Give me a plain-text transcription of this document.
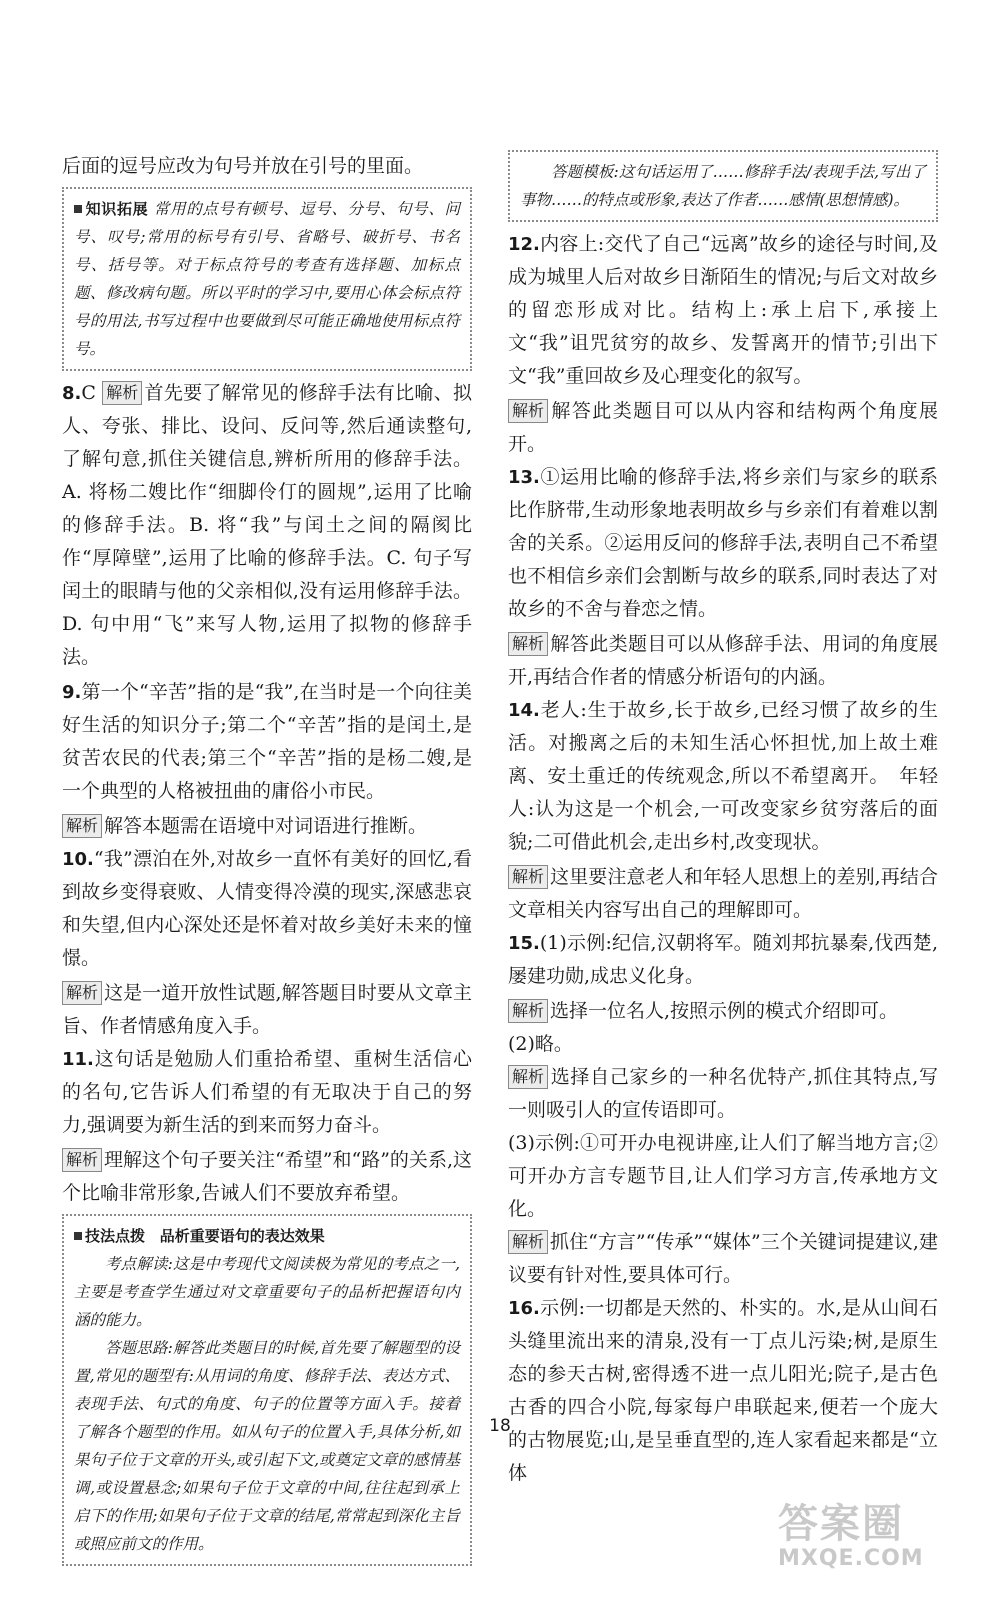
后面的逗号应改为句号并放在引号的里面。

知识拓展 常用的点号有顿号、逗号、分号、句号、问号、叹号;常用的标号有引号、省略号、破折号、书名号、括号等。对于标点符号的考查有选择题、加标点题、修改病句题。所以平时的学习中,要用心体会标点符号的用法,书写过程中也要做到尽可能正确地使用标点符号。

8.C 解析 首先要了解常见的修辞手法有比喻、拟人、夸张、排比、设问、反问等,然后通读整句,了解句意,抓住关键信息,辨析所用的修辞手法。A. 将杨二嫂比作“细脚伶仃的圆规”,运用了比喻的修辞手法。B. 将“我”与闰土之间的隔阂比作“厚障壁”,运用了比喻的修辞手法。C. 句子写闰土的眼睛与他的父亲相似,没有运用修辞手法。D. 句中用“飞”来写人物,运用了拟物的修辞手法。

9.第一个“辛苦”指的是“我”,在当时是一个向往美好生活的知识分子;第二个“辛苦”指的是闰土,是贫苦农民的代表;第三个“辛苦”指的是杨二嫂,是一个典型的人格被扭曲的庸俗小市民。

解析 解答本题需在语境中对词语进行推断。

10.“我”漂泊在外,对故乡一直怀有美好的回忆,看到故乡变得衰败、人情变得冷漠的现实,深感悲哀和失望,但内心深处还是怀着对故乡美好未来的憧憬。

解析 这是一道开放性试题,解答题目时要从文章主旨、作者情感角度入手。

11.这句话是勉励人们重拾希望、重树生活信心的名句,它告诉人们希望的有无取决于自己的努力,强调要为新生活的到来而努力奋斗。

解析 理解这个句子要关注“希望”和“路”的关系,这个比喻非常形象,告诫人们不要放弃希望。

技法点拨 品析重要语句的表达效果

考点解读:这是中考现代文阅读极为常见的考点之一,主要是考查学生通过对文章重要句子的品析把握语句内涵的能力。

答题思路:解答此类题目的时候,首先要了解题型的设置,常见的题型有:从用词的角度、修辞手法、表达方式、表现手法、句式的角度、句子的位置等方面入手。接着了解各个题型的作用。如从句子的位置入手,具体分析,如果句子位于文章的开头,或引起下文,或奠定文章的感情基调,或设置悬念;如果句子位于文章的中间,往往起到承上启下的作用;如果句子位于文章的结尾,常常起到深化主旨或照应前文的作用。

答题模板:这句话运用了……修辞手法/表现手法,写出了事物……的特点或形象,表达了作者……感情(思想情感)。

12.内容上:交代了自己“远离”故乡的途径与时间,及成为城里人后对故乡日渐陌生的情况;与后文对故乡的留恋形成对比。结构上:承上启下,承接上文“我”诅咒贫穷的故乡、发誓离开的情节;引出下文“我”重回故乡及心理变化的叙写。

解析 解答此类题目可以从内容和结构两个角度展开。

13.①运用比喻的修辞手法,将乡亲们与家乡的联系比作脐带,生动形象地表明故乡与乡亲们有着难以割舍的关系。②运用反问的修辞手法,表明自己不希望也不相信乡亲们会割断与故乡的联系,同时表达了对故乡的不舍与眷恋之情。

解析 解答此类题目可以从修辞手法、用词的角度展开,再结合作者的情感分析语句的内涵。

14.老人:生于故乡,长于故乡,已经习惯了故乡的生活。对搬离之后的未知生活心怀担忧,加上故土难离、安土重迁的传统观念,所以不希望离开。　年轻人:认为这是一个机会,一可改变家乡贫穷落后的面貌;二可借此机会,走出乡村,改变现状。

解析 这里要注意老人和年轻人思想上的差别,再结合文章相关内容写出自己的理解即可。

15.(1)示例:纪信,汉朝将军。随刘邦抗暴秦,伐西楚,屡建功勋,成忠义化身。

解析 选择一位名人,按照示例的模式介绍即可。

(2)略。

解析 选择自己家乡的一种名优特产,抓住其特点,写一则吸引人的宣传语即可。

(3)示例:①可开办电视讲座,让人们了解当地方言;②可开办方言专题节目,让人们学习方言,传承地方文化。

解析 抓住“方言”“传承”“媒体”三个关键词提建议,建议要有针对性,要具体可行。

16.示例:一切都是天然的、朴实的。水,是从山间石头缝里流出来的清泉,没有一丁点儿污染;树,是原生态的参天古树,密得透不进一点儿阳光;院子,是古色古香的四合小院,每家每户串联起来,便若一个庞大的古物展览;山,是呈垂直型的,连人家看起来都是“立体

18
答案圈
MXQE.COM
